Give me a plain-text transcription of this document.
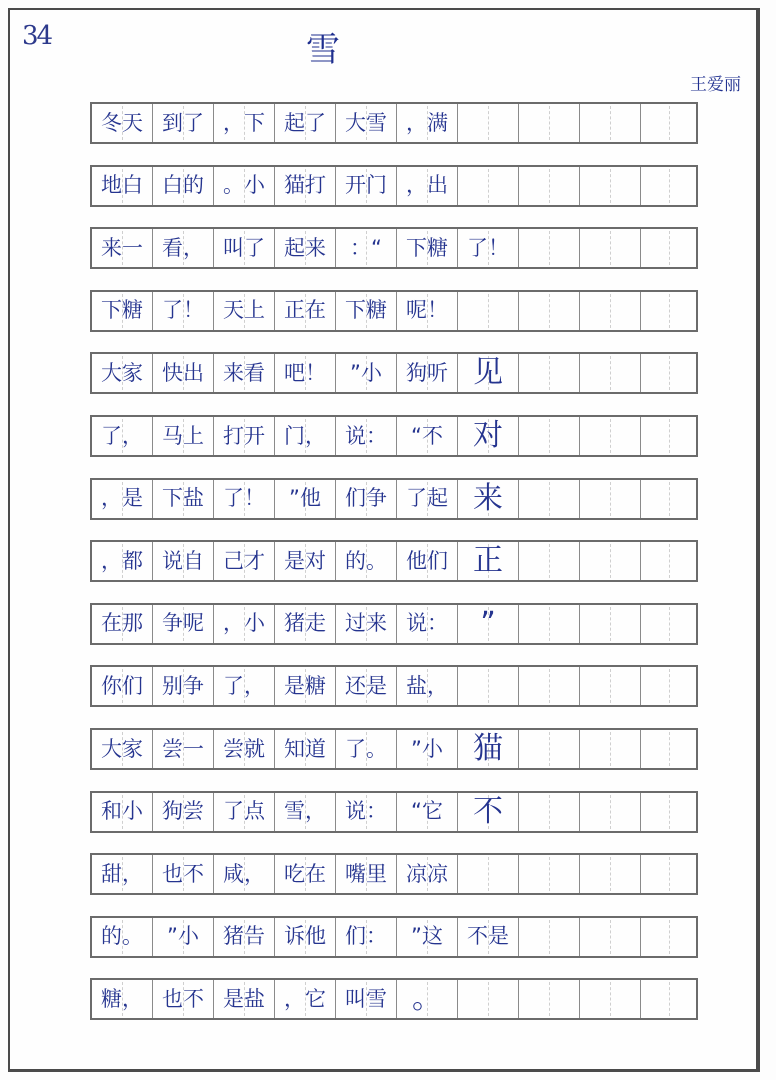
34	雪
王爱丽
冬 天 到 了 ， 下 起 了 大 雪 ， 满
地 白 白 的 。 小 猫 打 开 门 ， 出
来 一 看 ， 叫 了 起 来 ： “ 下 糖 了 ！
下 糖 了 ！ 天 上 正 在 下 糖 呢 ！
大 家 快 出 来 看 吧 ！ ” 小 狗 听 见
了 ， 马 上 打 开 门 ， 说 ： “ 不 对
， 是 下 盐 了 ！ ” 他 们 争 了 起 来
， 都 说 自 己 才 是 对 的 。 他 们 正
在 那 争 呢 ， 小 猪 走 过 来 说 ： ”
你 们 别 争 了 ， 是 糖 还 是 盐 ，
大 家 尝 一 尝 就 知 道 了 。 ” 小 猫
和 小 狗 尝 了 点 雪 ， 说 ： “ 它 不
甜 ， 也 不 咸 ， 吃 在 嘴 里 凉 凉
的 。 ” 小 猪 告 诉 他 们 ： ” 这 不 是
糖 ， 也 不 是 盐 ， 它 叫 雪 。
